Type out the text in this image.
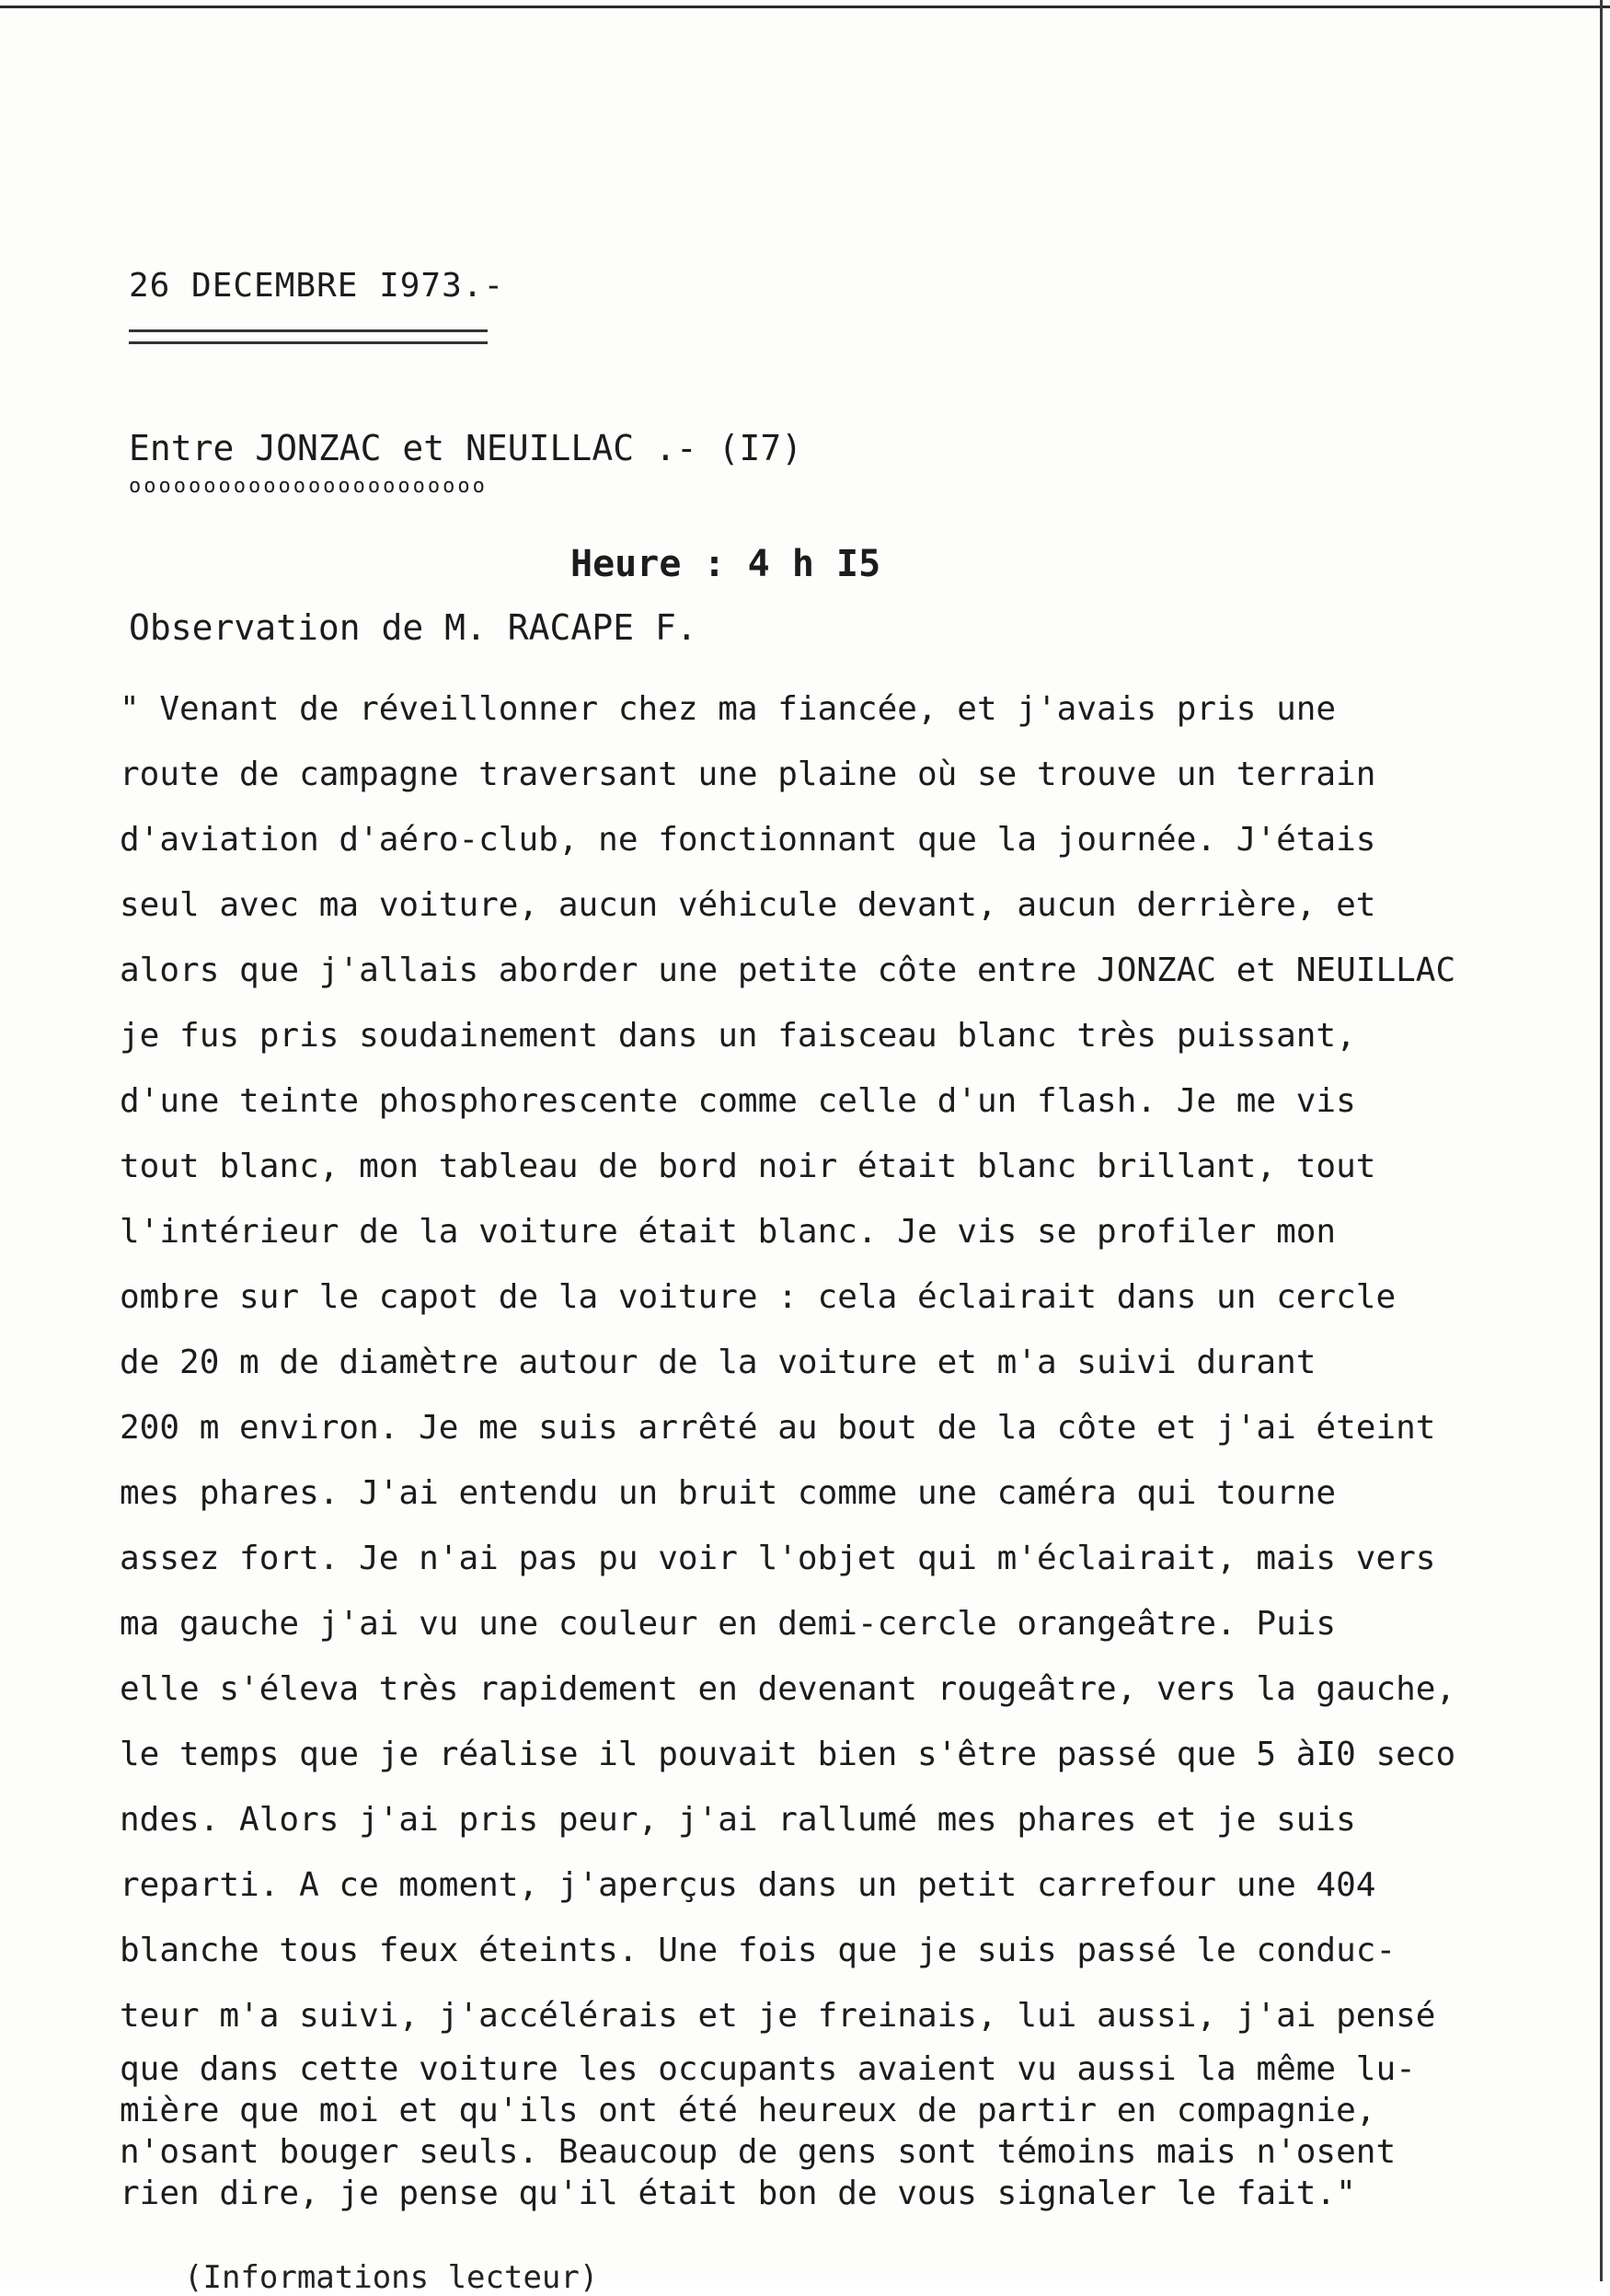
26 DECEMBRE I973.-
Entre JONZAC et NEUILLAC .- (I7)
oooooooooooooooooooooooo
Heure : 4 h I5
Observation de M. RACAPE F.
" Venant de réveillonner chez ma fiancée, et j'avais pris une
route de campagne traversant une plaine où se trouve un terrain
d'aviation d'aéro-club, ne fonctionnant que la journée. J'étais
seul avec ma voiture, aucun véhicule devant, aucun derrière, et
alors que j'allais aborder une petite côte entre JONZAC et NEUILLAC
je fus pris soudainement dans un faisceau blanc très puissant,
d'une teinte phosphorescente comme celle d'un flash. Je me vis
tout blanc, mon tableau de bord noir était blanc brillant, tout
l'intérieur de la voiture était blanc. Je vis se profiler mon
ombre sur le capot de la voiture : cela éclairait dans un cercle
de 20 m de diamètre autour de la voiture et m'a suivi durant
200 m environ. Je me suis arrêté au bout de la côte et j'ai éteint
mes phares. J'ai entendu un bruit comme une caméra qui tourne
assez fort. Je n'ai pas pu voir l'objet qui m'éclairait, mais vers
ma gauche j'ai vu une couleur en demi-cercle orangeâtre. Puis
elle s'éleva très rapidement en devenant rougeâtre, vers la gauche,
le temps que je réalise il pouvait bien s'être passé que 5 àI0 seco
ndes. Alors j'ai pris peur, j'ai rallumé mes phares et je suis
reparti. A ce moment, j'aperçus dans un petit carrefour une 404
blanche tous feux éteints. Une fois que je suis passé le conduc-
teur m'a suivi, j'accélérais et je freinais, lui aussi, j'ai pensé
que dans cette voiture les occupants avaient vu aussi la même lu-
mière que moi et qu'ils ont été heureux de partir en compagnie,
n'osant bouger seuls. Beaucoup de gens sont témoins mais n'osent
rien dire, je pense qu'il était bon de vous signaler le fait."
(Informations lecteur)
